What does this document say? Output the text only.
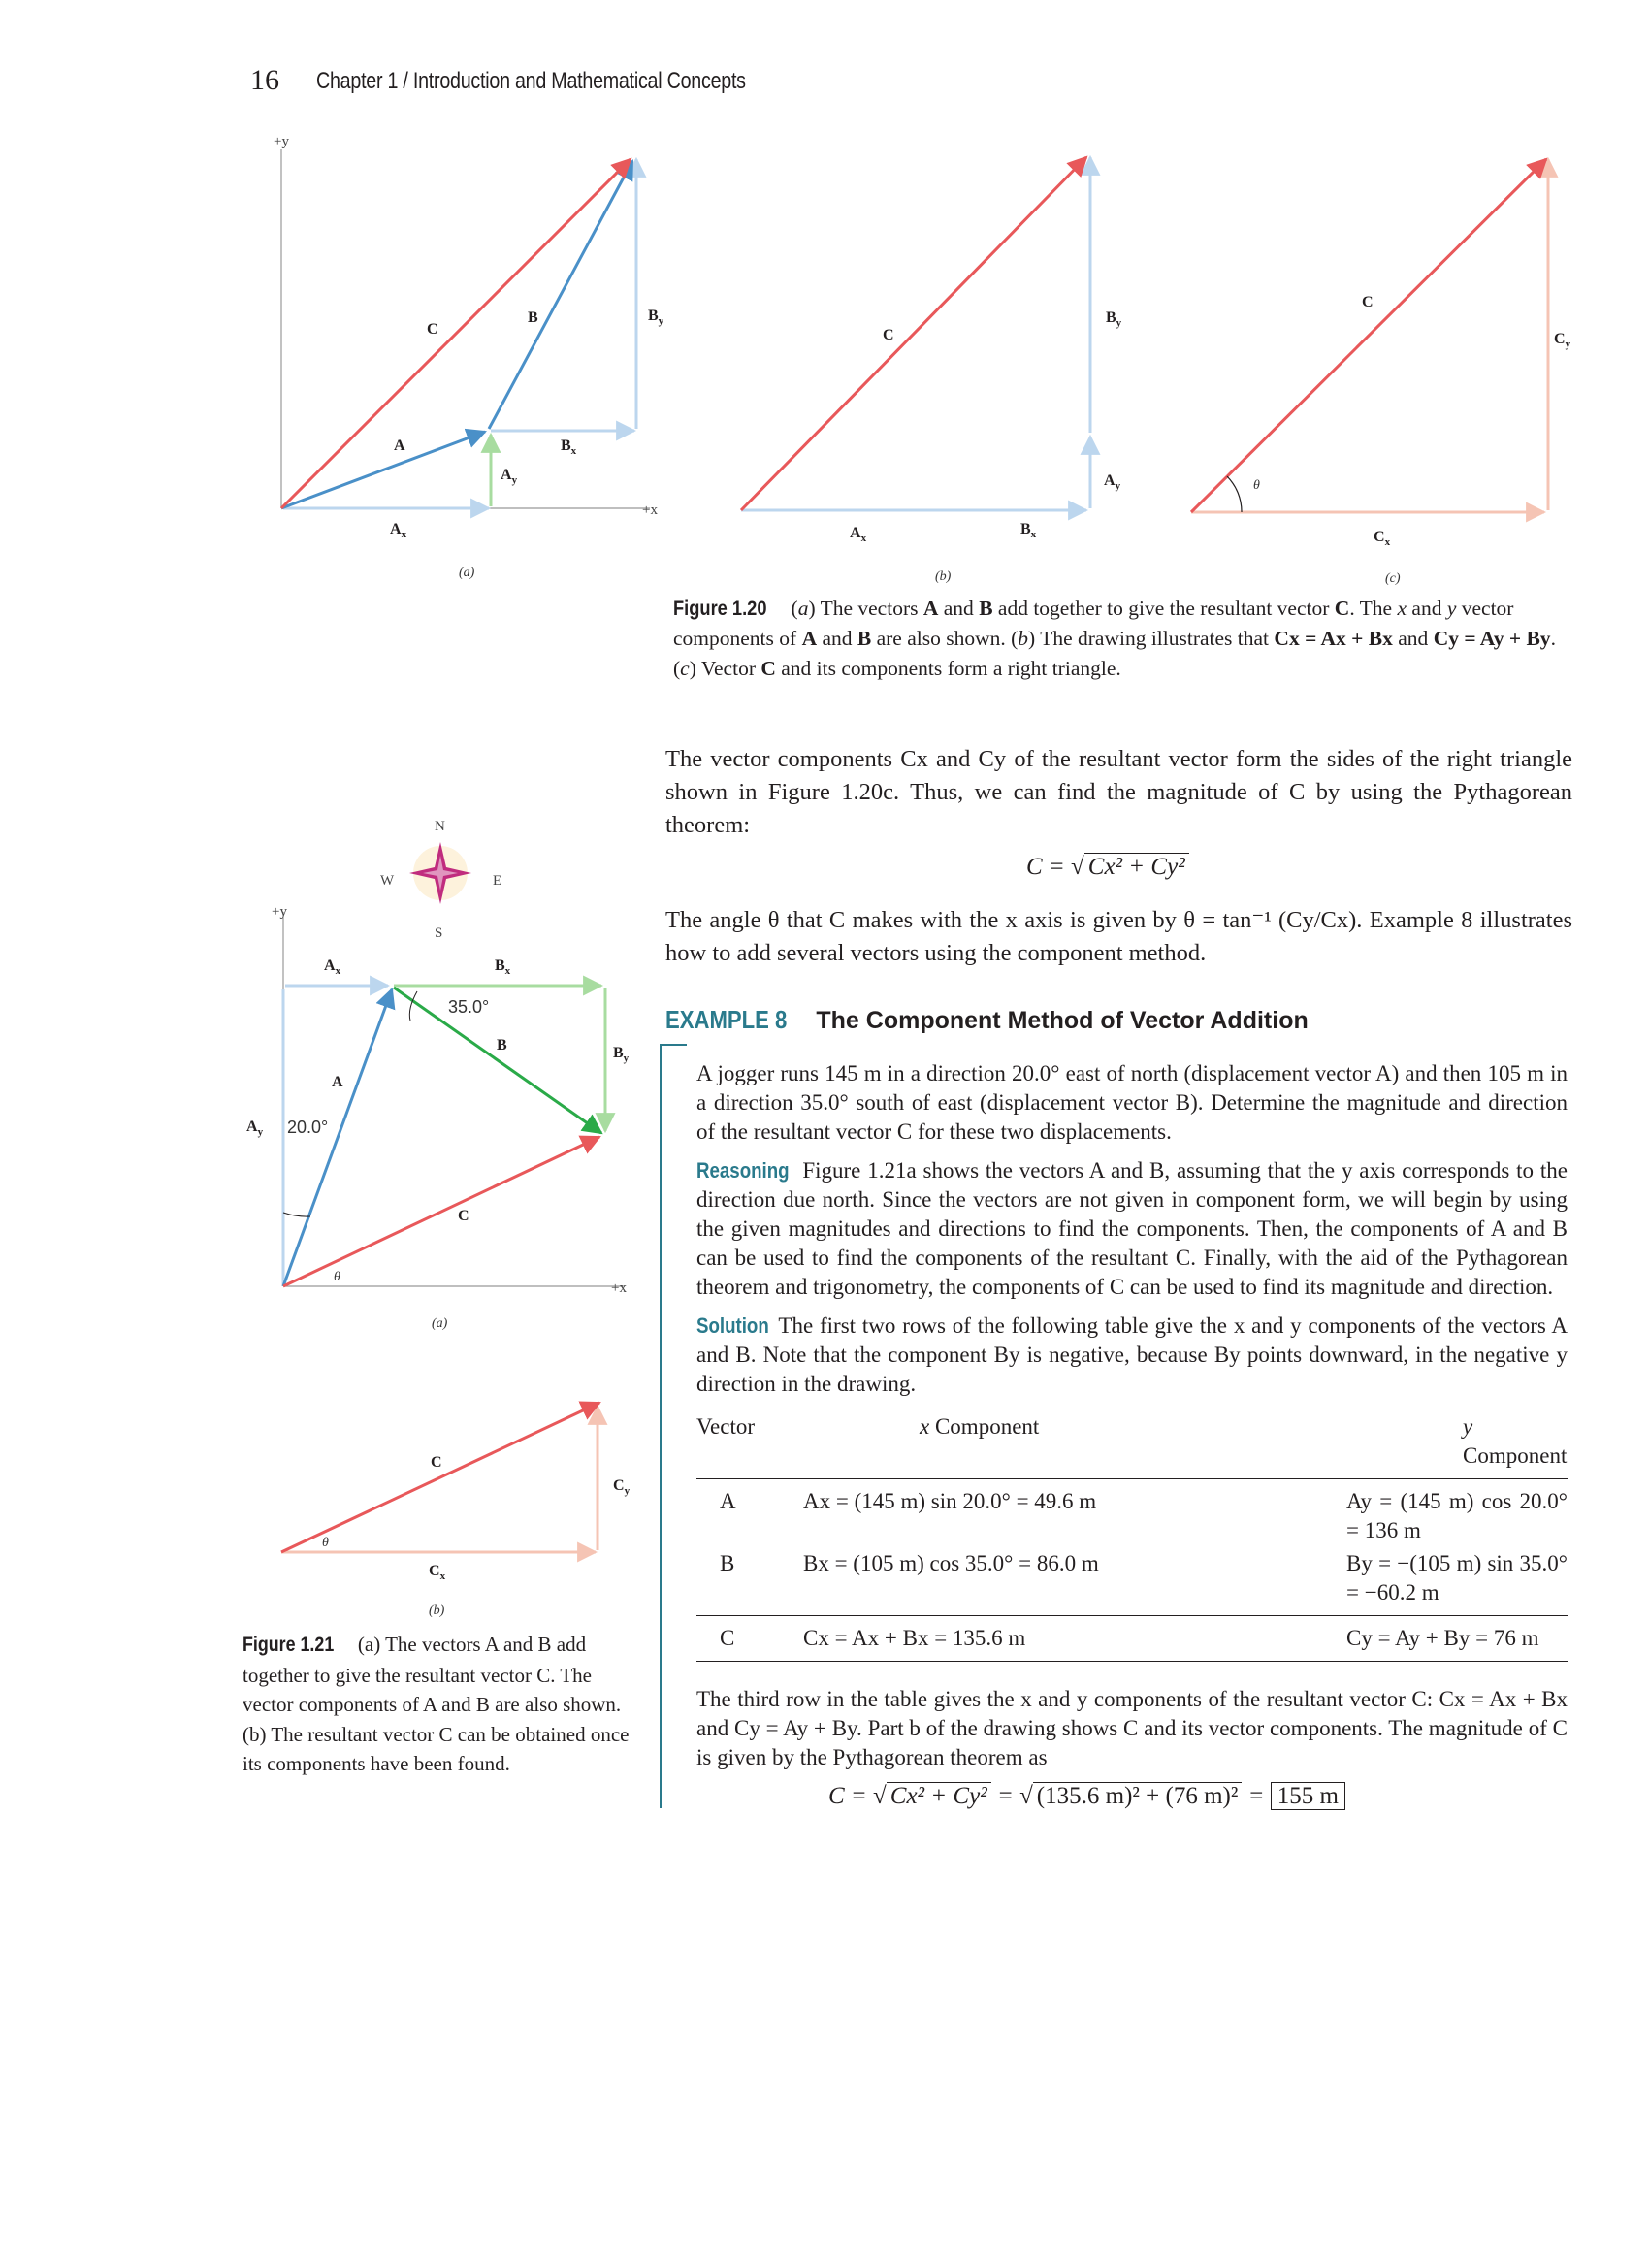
16 Chapter 1 / Introduction and Mathematical Concepts
+y
+x
C
B	$B_y$
A	$B_x$
$A_y$
$A_x$
(a)
C
$B_y$
$A_y$
$A_x$
$B_x$
(b)
C
$C_y$
θ
$C_x$
(c)
Figure 1.20 (a) The vectors A and B add together to give the resultant vector C. The x and y vector components of A and B are also shown. (b) The drawing illustrates that Cx = Ax + Bx and Cy = Ay + By. (c) Vector C and its components form a right triangle.
The vector components Cx and Cy of the resultant vector form the sides of the right triangle shown in Figure 1.20c. Thus, we can find the magnitude of C by using the Pythagorean theorem:
C = √ Cx² + Cy²
The angle θ that C makes with the x axis is given by θ = tan⁻¹ (Cy/Cx). Example 8 illustrates how to add several vectors using the component method.
EXAMPLE 8 The Component Method of Vector Addition
A jogger runs 145 m in a direction 20.0° east of north (displacement vector A) and then 105 m in a direction 35.0° south of east (displacement vector B). Determine the magnitude and direction of the resultant vector C for these two displacements.
Reasoning Figure 1.21a shows the vectors A and B, assuming that the y axis corresponds to the direction due north. Since the vectors are not given in component form, we will begin by using the given magnitudes and directions to find the components. Then, the components of A and B can be used to find the components of the resultant C. Finally, with the aid of the Pythagorean theorem and trigonometry, the components of C can be used to find its magnitude and direction.
Solution The first two rows of the following table give the x and y components of the vectors A and B. Note that the component By is negative, because By points downward, in the negative y direction in the drawing.
Vector	x Component	y Component
A	Ax = (145 m) sin 20.0° = 49.6 m	Ay = (145 m) cos 20.0° = 136 m
B	Bx = (105 m) cos 35.0° = 86.0 m	By = −(105 m) sin 35.0° = −60.2 m
C	Cx = Ax + Bx = 135.6 m	Cy = Ay + By = 76 m
The third row in the table gives the x and y components of the resultant vector C: Cx = Ax + Bx and Cy = Ay + By. Part b of the drawing shows C and its vector components. The magnitude of C is given by the Pythagorean theorem as
C = √ Cx² + Cy² = √ (135.6 m)² + (76 m)² = 155 m
N
S
E
W
+y
+x
$A_x$	$B_x$
35.0°
B	$B_y$
A
$A_y$ 20.0°
C
θ
(a)
C
$C_y$
θ
$C_x$
(b)
Figure 1.21 (a) The vectors A and B add together to give the resultant vector C. The vector components of A and B are also shown. (b) The resultant vector C can be obtained once its components have been found.
